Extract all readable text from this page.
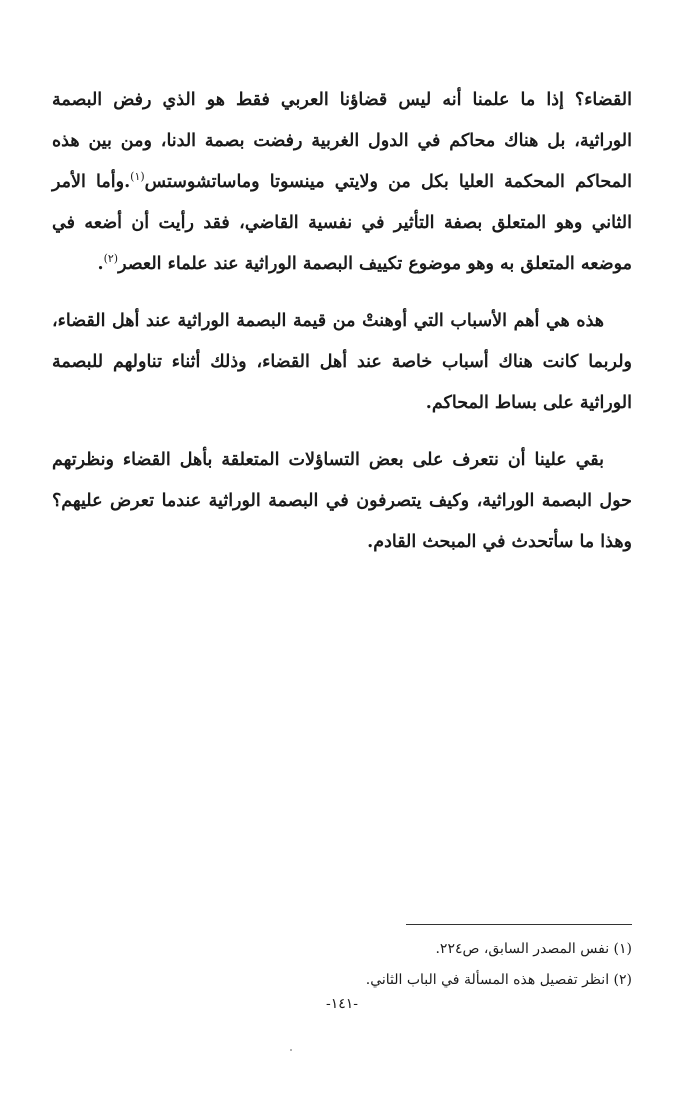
القضاء؟ إذا ما علمنا أنه ليس قضاؤنا العربي فقط هو الذي رفض البصمة الوراثية، بل هناك محاكم في الدول الغربية رفضت بصمة الدنا، ومن بين هذه المحاكم المحكمة العليا بكل من ولايتي مينسوتا وماساتشوستس$^{(١)}$.وأما الأمر الثاني وهو المتعلق بصفة التأثير في نفسية القاضي، فقد رأيت أن أضعه في موضعه المتعلق به وهو موضوع تكييف البصمة الوراثية عند علماء العصر$^{(٢)}$.

هذه هي أهم الأسباب التي أوهنتْ من قيمة البصمة الوراثية عند أهل القضاء، ولربما كانت هناك أسباب خاصة عند أهل القضاء، وذلك أثناء تناولهم للبصمة الوراثية على بساط المحاكم.

بقي علينا أن نتعرف على بعض التساؤلات المتعلقة بأهل القضاء ونظرتهم حول البصمة الوراثية، وكيف يتصرفون في البصمة الوراثية عندما تعرض عليهم؟ وهذا ما سأتحدث في المبحث القادم.

(١) نفس المصدر السابق، ص٢٢٤.
(٢) انظر تفصيل هذه المسألة في الباب الثاني.
-١٤١-
